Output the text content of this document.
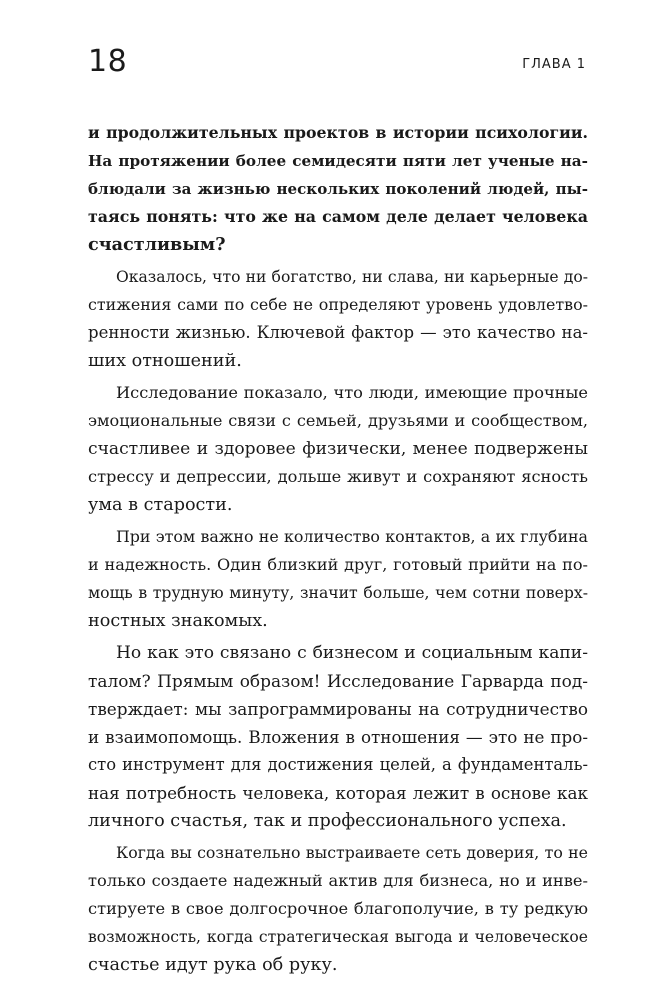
18	ГЛАВА 1
и продолжительных проектов в истории психологии.
На протяжении более семидесяти пяти лет ученые на-
блюдали за жизнью нескольких поколений людей, пы-
таясь понять: что же на самом деле делает человека
счастливым?
Оказалось, что ни богатство, ни слава, ни карьерные до-
стижения сами по себе не определяют уровень удовлетво-
ренности жизнью. Ключевой фактор — это качество на-
ших отношений.
Исследование показало, что люди, имеющие прочные
эмоциональные связи с семьей, друзьями и сообществом,
счастливее и здоровее физически, менее подвержены
стрессу и депрессии, дольше живут и сохраняют ясность
ума в старости.
При этом важно не количество контактов, а их глубина
и надежность. Один близкий друг, готовый прийти на по-
мощь в трудную минуту, значит больше, чем сотни поверх-
ностных знакомых.
Но как это связано с бизнесом и социальным капи-
талом? Прямым образом! Исследование Гарварда под-
тверждает: мы запрограммированы на сотрудничество
и взаимопомощь. Вложения в отношения — это не про-
сто инструмент для достижения целей, а фундаменталь-
ная потребность человека, которая лежит в основе как
личного счастья, так и профессионального успеха.
Когда вы сознательно выстраиваете сеть доверия, то не
только создаете надежный актив для бизнеса, но и инве-
стируете в свое долгосрочное благополучие, в ту редкую
возможность, когда стратегическая выгода и человеческое
счастье идут рука об руку.
